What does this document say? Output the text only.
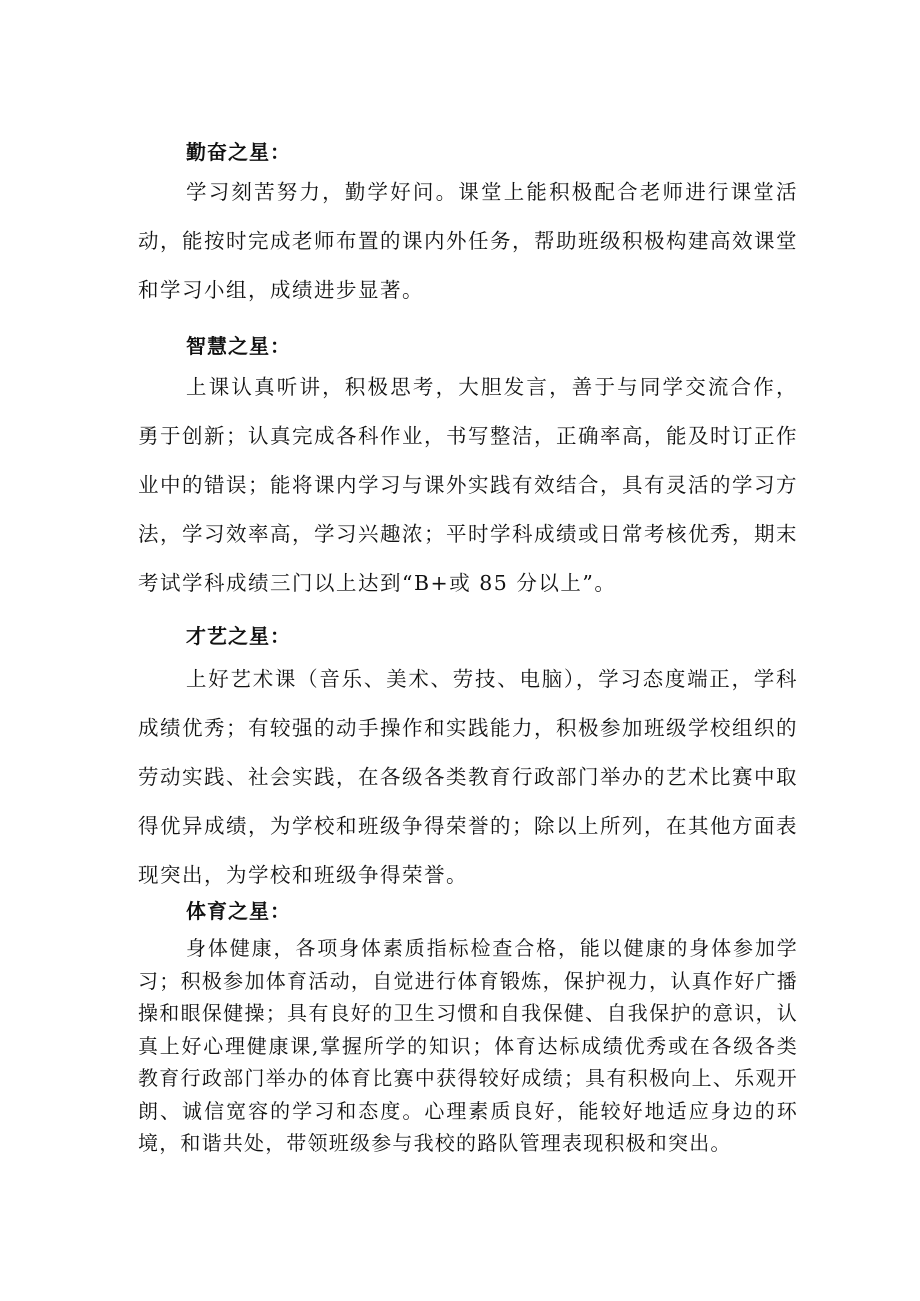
勤奋之星：

学习刻苦努力，勤学好问。课堂上能积极配合老师进行课堂活动，能按时完成老师布置的课内外任务，帮助班级积极构建高效课堂和学习小组，成绩进步显著。

智慧之星：

上课认真听讲，积极思考，大胆发言，善于与同学交流合作，勇于创新；认真完成各科作业，书写整洁，正确率高，能及时订正作业中的错误；能将课内学习与课外实践有效结合，具有灵活的学习方法，学习效率高，学习兴趣浓；平时学科成绩或日常考核优秀，期末考试学科成绩三门以上达到“B+或 85 分以上”。

才艺之星：

上好艺术课（音乐、美术、劳技、电脑），学习态度端正，学科成绩优秀；有较强的动手操作和实践能力，积极参加班级学校组织的劳动实践、社会实践，在各级各类教育行政部门举办的艺术比赛中取得优异成绩，为学校和班级争得荣誉的；除以上所列，在其他方面表现突出，为学校和班级争得荣誉。

体育之星：

身体健康，各项身体素质指标检查合格，能以健康的身体参加学习；积极参加体育活动，自觉进行体育锻炼，保护视力，认真作好广播操和眼保健操；具有良好的卫生习惯和自我保健、自我保护的意识，认真上好心理健康课,掌握所学的知识；体育达标成绩优秀或在各级各类教育行政部门举办的体育比赛中获得较好成绩；具有积极向上、乐观开朗、诚信宽容的学习和态度。心理素质良好，能较好地适应身边的环境，和谐共处，带领班级参与我校的路队管理表现积极和突出。
